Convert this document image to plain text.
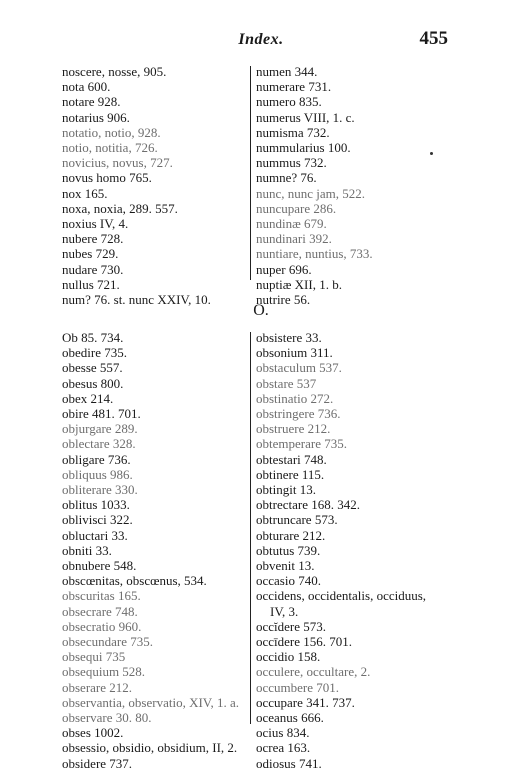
Index.	455
noscere, nosse, 905.
nota 600.
notare 928.
notarius 906.
notatio, notio, 928.
notio, notitia, 726.
novicius, novus, 727.
novus homo 765.
nox 165.
noxa, noxia, 289. 557.
noxius IV, 4.
nubere 728.
nubes 729.
nudare 730.
nullus 721.
num? 76. st. nunc XXIV, 10.
numen 344.
numerare 731.
numero 835.
numerus VIII, 1. c.
numisma 732.
nummularius 100.
nummus 732.
numne? 76.
nunc, nunc jam, 522.
nuncupare 286.
nundinæ 679.
nundinari 392.
nuntiare, nuntius, 733.
nuper 696.
nuptiæ XII, 1. b.
nutrire 56.
O.
Ob 85. 734.
obedire 735.
obesse 557.
obesus 800.
obex 214.
obire 481. 701.
objurgare 289.
oblectare 328.
obligare 736.
obliquus 986.
obliterare 330.
oblitus 1033.
oblivisci 322.
obluctari 33.
obniti 33.
obnubere 548.
obscœnitas, obscœnus, 534.
obscuritas 165.
obsecrare 748.
obsecratio 960.
obsecundare 735.
obsequi 735
obsequium 528.
obserare 212.
observantia, observatio, XIV, 1. a.
observare 30. 80.
obses 1002.
obsessio, obsidio, obsidium, II, 2.
obsidere 737.
obsistere 33.
obsonium 311.
obstaculum 537.
obstare 537
obstinatio 272.
obstringere 736.
obstruere 212.
obtemperare 735.
obtestari 748.
obtinere 115.
obtingit 13.
obtrectare 168. 342.
obtruncare 573.
obturare 212.
obtutus 739.
obvenit 13.
occasio 740.
occidens, occidentalis, occiduus,
IV, 3.
occĭdere 573.
occīdere 156. 701.
occidio 158.
occulere, occultare, 2.
occumbere 701.
occupare 341. 737.
oceanus 666.
ocius 834.
ocrea 163.
odiosus 741.
